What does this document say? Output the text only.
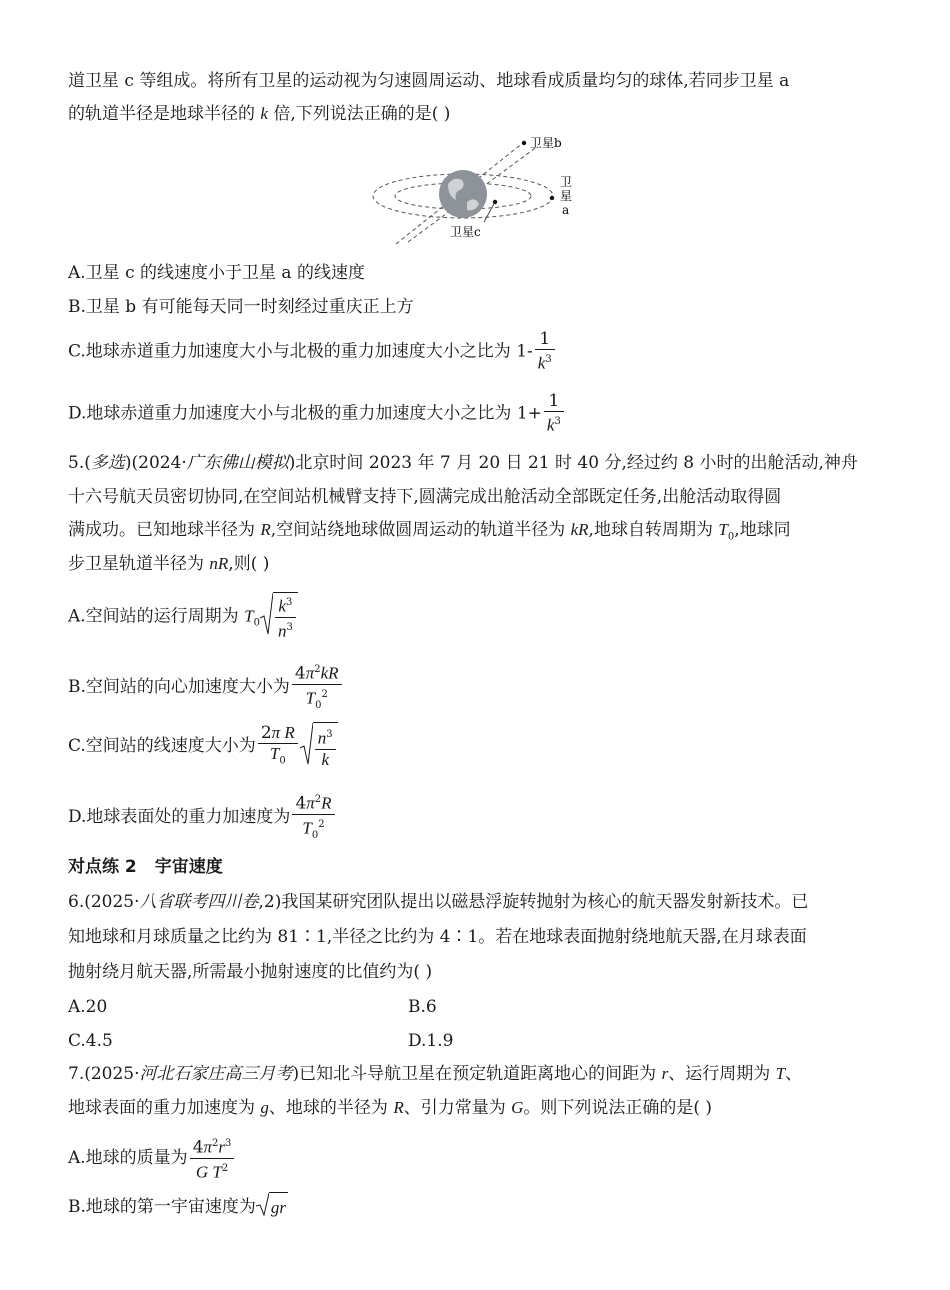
道卫星 c 等组成。将所有卫星的运动视为匀速圆周运动、地球看成质量均匀的球体,若同步卫星 a
的轨道半径是地球半径的 k 倍,下列说法正确的是( )
卫星b
卫
星
a
卫星c
A.卫星 c 的线速度小于卫星 a 的线速度
B.卫星 b 有可能每天同一时刻经过重庆正上方
C.地球赤道重力加速度大小与北极的重力加速度大小之比为 $1- \frac{1}{k^3}$
D.地球赤道重力加速度大小与北极的重力加速度大小之比为 $1+ \frac{1}{k^3}$
5.(多选)(2024·广东佛山模拟)北京时间 2023 年 7 月 20 日 21 时 40 分,经过约 8 小时的出舱活动,神舟
十六号航天员密切协同,在空间站机械臂支持下,圆满完成出舱活动全部既定任务,出舱活动取得圆
满成功。已知地球半径为 R,空间站绕地球做圆周运动的轨道半径为 kR,地球自转周期为 $T_0$,地球同
步卫星轨道半径为 nR,则( )
A.空间站的运行周期为 $T_0 \frac{k^3}{n^3}$
B.空间站的向心加速度大小为 $\frac{4\pi^2kR}{T_0^2}$
C.空间站的线速度大小为 $\frac{\text{2π R}}{T_0} \frac{n^3}{k}$
D.地球表面处的重力加速度为 $\frac{4\pi^2R}{T_0^2}$
对点练 2 宇宙速度
6.(2025·八省联考四川卷,2)我国某研究团队提出以磁悬浮旋转抛射为核心的航天器发射新技术。已
知地球和月球质量之比约为 81∶1,半径之比约为 4∶1。若在地球表面抛射绕地航天器,在月球表面
抛射绕月航天器,所需最小抛射速度的比值约为( )
A.20	B.6
C.4.5	D.1.9
7.(2025·河北石家庄高三月考)已知北斗导航卫星在预定轨道距离地心的间距为 r、运行周期为 T、
地球表面的重力加速度为 g、地球的半径为 R、引力常量为 G。则下列说法正确的是( )
A.地球的质量为 $\frac{4\pi^2r^3}{G T^2}$
B.地球的第一宇宙速度为 gr
